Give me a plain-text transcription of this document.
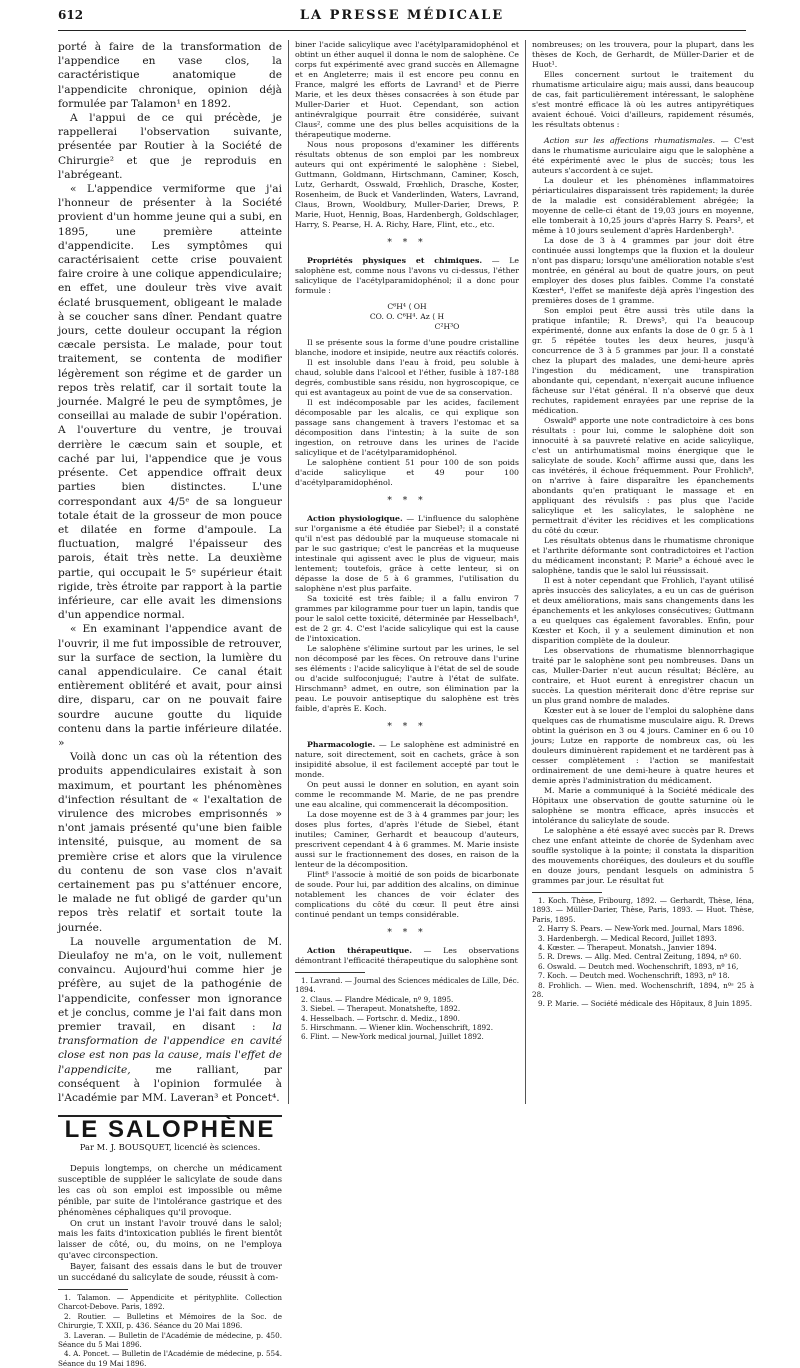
612	LA PRESSE MÉDICALE

porté à faire de la transformation de l'appendice en vase clos, la caractéristique anatomique de l'appendicite chronique, opinion déjà formulée par Talamon¹ en 1892.

A l'appui de ce qui précède, je rappellerai l'observation suivante, présentée par Routier à la Société de Chirurgie² et que je reproduis en l'abrégeant.

« L'appendice vermiforme que j'ai l'honneur de présenter à la Société provient d'un homme jeune qui a subi, en 1895, une première atteinte d'appendicite. Les symptômes qui caractérisaient cette crise pouvaient faire croire à une colique appendiculaire; en effet, une douleur très vive avait éclaté brusquement, obligeant le malade à se coucher sans dîner. Pendant quatre jours, cette douleur occupant la région cæcale persista. Le malade, pour tout traitement, se contenta de modifier légèrement son régime et de garder un repos très relatif, car il sortait toute la journée. Malgré le peu de symptômes, je conseillai au malade de subir l'opération. A l'ouverture du ventre, je trouvai derrière le cæcum sain et souple, et caché par lui, l'appendice que je vous présente. Cet appendice offrait deux parties bien distinctes. L'une correspondant aux 4/5ᵉ de sa longueur totale était de la grosseur de mon pouce et dilatée en forme d'ampoule. La fluctuation, malgré l'épaisseur des parois, était très nette. La deuxième partie, qui occupait le 5ᵉ supérieur était rigide, très étroite par rapport à la partie inférieure, car elle avait les dimensions d'un appendice normal.

« En examinant l'appendice avant de l'ouvrir, il me fut impossible de retrouver, sur la surface de section, la lumière du canal appendiculaire. Ce canal était entièrement oblitéré et avait, pour ainsi dire, disparu, car on ne pouvait faire sourdre aucune goutte du liquide contenu dans la partie inférieure dilatée. »

Voilà donc un cas où la rétention des produits appendiculaires existait à son maximum, et pourtant les phénomènes d'infection résultant de « l'exaltation de virulence des microbes emprisonnés » n'ont jamais présenté qu'une bien faible intensité, puisque, au moment de sa première crise et alors que la virulence du contenu de son vase clos n'avait certainement pas pu s'atténuer encore, le malade ne fut obligé de garder qu'un repos très relatif et sortait toute la journée.

La nouvelle argumentation de M. Dieulafoy ne m'a, on le voit, nullement convaincu. Aujourd'hui comme hier je préfère, au sujet de la pathogénie de l'appendicite, confesser mon ignorance et je conclus, comme je l'ai fait dans mon premier travail, en disant : la transformation de l'appendice en cavité close est non pas la cause, mais l'effet de l'appendicite, me ralliant, par conséquent à l'opinion formulée à l'Académie par MM. Laveran³ et Poncet⁴.

LE SALOPHÈNE
Par M. J. BOUSQUET, licencié ès sciences.

Depuis longtemps, on cherche un médicament susceptible de suppléer le salicylate de soude dans les cas où son emploi est impossible ou même pénible, par suite de l'intolérance gastrique et des phénomènes céphaliques qu'il provoque.

On crut un instant l'avoir trouvé dans le salol; mais les faits d'intoxication publiés le firent bientôt laisser de côté, ou, du moins, on ne l'employa qu'avec circonspection.

Bayer, faisant des essais dans le but de trouver un succédané du salicylate de soude, réussit à com-

1. Talamon. — Appendicite et pérityphlite. Collection Charcot-Debove. Paris, 1892.

2. Routier. — Bulletins et Mémoires de la Soc. de Chirurgie, T. XXII, p. 436. Séance du 20 Mai 1896.

3. Laveran. — Bulletin de l'Académie de médecine, p. 450. Séance du 5 Mai 1896.

4. A. Poncet. — Bulletin de l'Académie de médecine, p. 554. Séance du 19 Mai 1896.

biner l'acide salicylique avec l'acétylparamidophénol et obtint un éther auquel il donna le nom de salophène. Ce corps fut expérimenté avec grand succès en Allemagne et en Angleterre; mais il est encore peu connu en France, malgré les efforts de Lavrand¹ et de Pierre Marie, et les deux thèses consacrées à son étude par Muller-Darier et Huot. Cependant, son action antinévralgique pourrait être considérée, suivant Claus², comme une des plus belles acquisitions de la thérapeutique moderne.

Nous nous proposons d'examiner les différents résultats obtenus de son emploi par les nombreux auteurs qui ont expérimenté le salophène : Siebel, Guttmann, Goldmann, Hirtschmann, Caminer, Kosch, Lutz, Gerhardt, Osswald, Frœhlich, Drasche, Koster, Rosenheim, de Buck et Vanderlinden, Waters, Lavrand, Claus, Brown, Wooldbury, Muller-Darier, Drews, P. Marie, Huot, Hennig, Boas, Hardenbergh, Goldschlager, Harry, S. Pearse, H. A. Richy, Hare, Flint, etc., etc.

* * *

Propriétés physiques et chimiques. — Le salophène est, comme nous l'avons vu ci-dessus, l'éther salicylique de l'acétylparamidophénol; il a donc pour formule :

C⁶H⁴ ⟨ OH
CO. O. C⁶H⁴. Az ⟨ H
C²H³O

Il se présente sous la forme d'une poudre cristalline blanche, inodore et insipide, neutre aux réactifs colorés.

Il est insoluble dans l'eau à froid, peu soluble à chaud, soluble dans l'alcool et l'éther, fusible à 187-188 degrés, combustible sans résidu, non hygroscopique, ce qui est avantageux au point de vue de sa conservation.

Il est indécomposable par les acides, facilement décomposable par les alcalis, ce qui explique son passage sans changement à travers l'estomac et sa décomposition dans l'intestin; à la suite de son ingestion, on retrouve dans les urines de l'acide salicylique et de l'acétylparamidophénol.

Le salophène contient 51 pour 100 de son poids d'acide salicylique et 49 pour 100 d'acétylparamidophénol.

* * *

Action physiologique. — L'influence du salophène sur l'organisme a été étudiée par Siebel³; il a constaté qu'il n'est pas dédoublé par la muqueuse stomacale ni par le suc gastrique; c'est le pancréas et la muqueuse intestinale qui agissent avec le plus de vigueur, mais lentement; toutefois, grâce à cette lenteur, si on dépasse la dose de 5 à 6 grammes, l'utilisation du salophène n'est plus parfaite.

Sa toxicité est très faible; il a fallu environ 7 grammes par kilogramme pour tuer un lapin, tandis que pour le salol cette toxicité, déterminée par Hesselbach⁴, est de 2 gr. 4. C'est l'acide salicylique qui est la cause de l'intoxication.

Le salophène s'élimine surtout par les urines, le sel non décomposé par les fèces. On retrouve dans l'urine ses éléments : l'acide salicylique à l'état de sel de soude ou d'acide sulfoconjugué; l'autre à l'état de sulfate. Hirschmann⁵ admet, en outre, son élimination par la peau. Le pouvoir antiseptique du salophène est très faible, d'après E. Koch.

* * *

Pharmacologie. — Le salophène est administré en nature, soit directement, soit en cachets, grâce à son insipidité absolue, il est facilement accepté par tout le monde.

On peut aussi le donner en solution, en ayant soin comme le recommande M. Marie, de ne pas prendre une eau alcaline, qui commencerait la décomposition.

La dose moyenne est de 3 à 4 grammes par jour; les doses plus fortes, d'après l'étude de Siebel, étant inutiles; Caminer, Gerhardt et beaucoup d'auteurs, prescrivent cependant 4 à 6 grammes. M. Marie insiste aussi sur le fractionnement des doses, en raison de la lenteur de la décomposition.

Flint⁶ l'associe à moitié de son poids de bicarbonate de soude. Pour lui, par addition des alcalins, on diminue notablement les chances de voir éclater des complications du côté du cœur. Il peut être ainsi continué pendant un temps considérable.

* * *

Action thérapeutique. — Les observations démontrant l'efficacité thérapeutique du salophène sont

1. Lavrand. — Journal des Sciences médicales de Lille, Déc. 1894.

2. Claus. — Flandre Médicale, nº 9, 1895.

3. Siebel. — Therapeut. Monatshefte, 1892.

4. Hesselbach. — Fortschr. d. Mediz., 1890.

5. Hirschmann. — Wiener klin. Wochenschrift, 1892.

6. Flint. — New-York medical journal, Juillet 1892.

nombreuses; on les trouvera, pour la plupart, dans les thèses de Koch, de Gerhardt, de Müller-Darier et de Huot¹.

Elles concernent surtout le traitement du rhumatisme articulaire aigu; mais aussi, dans beaucoup de cas, fait particulièrement intéressant, le salophène s'est montré efficace là où les autres antipyrétiques avaient échoué. Voici d'ailleurs, rapidement résumés, les résultats obtenus :

Action sur les affections rhumatismales. — C'est dans le rhumatisme auriculaire aigu que le salophène a été expérimenté avec le plus de succès; tous les auteurs s'accordent à ce sujet.

La douleur et les phénomènes inflammatoires périarticulaires disparaissent très rapidement; la durée de la maladie est considérablement abrégée; la moyenne de celle-ci étant de 19,03 jours en moyenne, elle tomberait à 10,25 jours d'après Harry S. Pears², et même à 10 jours seulement d'après Hardenbergh³.

La dose de 3 à 4 grammes par jour doit être continuée aussi longtemps que la fluxion et la douleur n'ont pas disparu; lorsqu'une amélioration notable s'est montrée, en général au bout de quatre jours, on peut employer des doses plus faibles. Comme l'a constaté Kœster⁴, l'effet se manifeste déjà après l'ingestion des premières doses de 1 gramme.

Son emploi peut être aussi très utile dans la pratique infantile; R. Drews⁵, qui l'a beaucoup expérimenté, donne aux enfants la dose de 0 gr. 5 à 1 gr. 5 répétée toutes les deux heures, jusqu'à concurrence de 3 à 5 grammes par jour. Il a constaté chez la plupart des malades, une demi-heure après l'ingestion du médicament, une transpiration abondante qui, cependant, n'exerçait aucune influence fâcheuse sur l'état général. Il n'a observé que deux rechutes, rapidement enrayées par une reprise de la médication.

Oswald⁶ apporte une note contradictoire à ces bons résultats : pour lui, comme le salophène doit son innocuité à sa pauvreté relative en acide salicylique, c'est un antirhumatismal moins énergique que le salicylate de soude. Koch⁷ affirme aussi que, dans les cas invétérés, il échoue fréquemment. Pour Frohlich⁸, on n'arrive à faire disparaître les épanchements abondants qu'en pratiquant le massage et en appliquant des révulsifs : pas plus que l'acide salicylique et les salicylates, le salophène ne permettrait d'éviter les récidives et les complications du côté du cœur.

Les résultats obtenus dans le rhumatisme chronique et l'arthrite déformante sont contradictoires et l'action du médicament inconstant; P. Marie⁹ a échoué avec le salophène, tandis que le salol lui réussissait.

Il est à noter cependant que Frohlich, l'ayant utilisé après insuccès des salicylates, a eu un cas de guérison et deux améliorations, mais sans changements dans les épanchements et les ankyloses consécutives; Guttmann a eu quelques cas également favorables. Enfin, pour Kœster et Koch, il y a seulement diminution et non disparition complète de la douleur.

Les observations de rhumatisme blennorrhagique traité par le salophène sont peu nombreuses. Dans un cas, Muller-Darier n'eut aucun résultat; Béclère, au contraire, et Huot eurent à enregistrer chacun un succès. La question mériterait donc d'être reprise sur un plus grand nombre de malades.

Kœster eut à se louer de l'emploi du salophène dans quelques cas de rhumatisme musculaire aigu. R. Drews obtint la guérison en 3 ou 4 jours. Caminer en 6 ou 10 jours; Lutze en rapporte de nombreux cas, où les douleurs diminuèrent rapidement et ne tardèrent pas à cesser complètement : l'action se manifestait ordinairement de une demi-heure à quatre heures et demie après l'administration du médicament.

M. Marie a communiqué à la Société médicale des Hôpitaux une observation de goutte saturnine où le salophène se montra efficace, après insuccès et intolérance du salicylate de soude.

Le salophène a été essayé avec succès par R. Drews chez une enfant atteinte de chorée de Sydenham avec souffle systolique à la pointe; il constata la disparition des mouvements choréiques, des douleurs et du souffle en douze jours, pendant lesquels on administra 5 grammes par jour. Le résultat fut

1. Koch. Thèse, Fribourg, 1892. — Gerhardt, Thèse, Iéna, 1893. — Müller-Darier, Thèse, Paris, 1893. — Huot. Thèse, Paris, 1895.

2. Harry S. Pears. — New-York med. Journal, Mars 1896.

3. Hardenbergh. — Medical Record, Juillet 1893.

4. Kœster. — Therapeut. Monatsh., Janvier 1894.

5. R. Drews. — Allg. Med. Central Zeitung, 1894, nº 60.

6. Oswald. — Deutch med. Wochenschrift, 1893, nº 16,

7. Koch. — Deutch med. Wochenschrift, 1893, nº 18.

8. Frohlich. — Wien. med. Wochenschrift, 1894, nºˢ 25 à 28.

9. P. Marie. — Société médicale des Hôpitaux, 8 Juin 1895.
